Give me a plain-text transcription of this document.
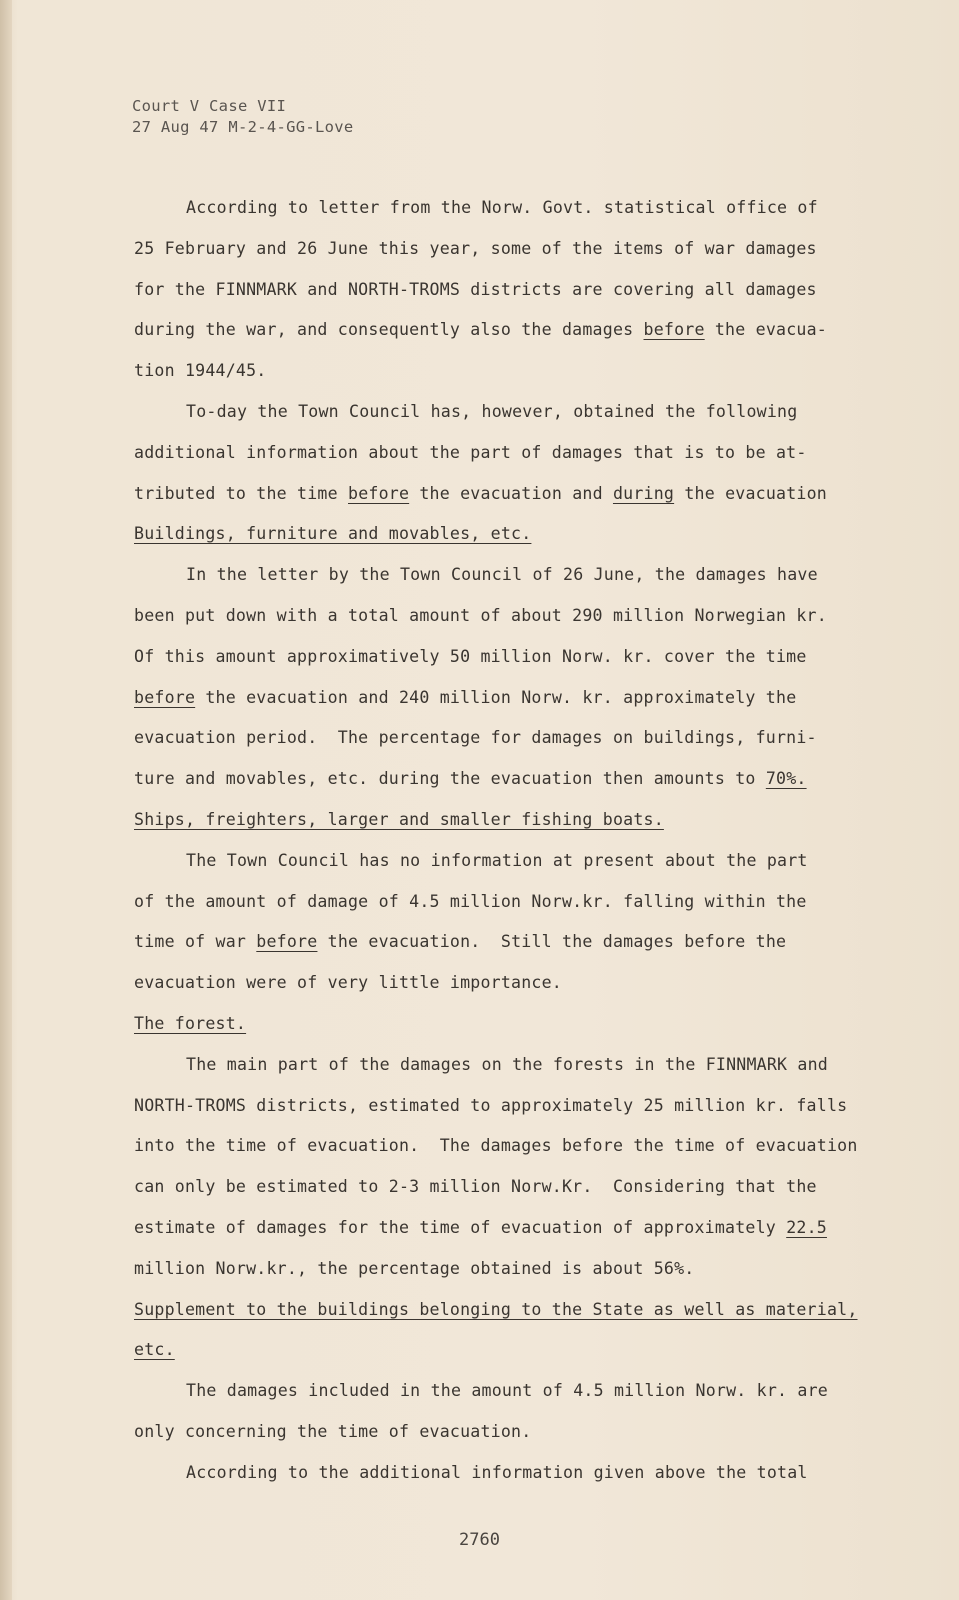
Court V Case VII
27 Aug 47 M-2-4-GG-Love
According to letter from the Norw. Govt. statistical office of
25 February and 26 June this year, some of the items of war damages
for the FINNMARK and NORTH-TROMS districts are covering all damages
during the war, and consequently also the damages before the evacua-
tion 1944/45.
To-day the Town Council has, however, obtained the following
additional information about the part of damages that is to be at-
tributed to the time before the evacuation and during the evacuation
Buildings, furniture and movables, etc.
In the letter by the Town Council of 26 June, the damages have
been put down with a total amount of about 290 million Norwegian kr.
Of this amount approximatively 50 million Norw. kr. cover the time
before the evacuation and 240 million Norw. kr. approximately the
evacuation period.  The percentage for damages on buildings, furni-
ture and movables, etc. during the evacuation then amounts to 70%.
Ships, freighters, larger and smaller fishing boats.
The Town Council has no information at present about the part
of the amount of damage of 4.5 million Norw.kr. falling within the
time of war before the evacuation.  Still the damages before the
evacuation were of very little importance.
The forest.
The main part of the damages on the forests in the FINNMARK and
NORTH-TROMS districts, estimated to approximately 25 million kr. falls
into the time of evacuation.  The damages before the time of evacuation
can only be estimated to 2-3 million Norw.Kr.  Considering that the
estimate of damages for the time of evacuation of approximately 22.5
million Norw.kr., the percentage obtained is about 56%.
Supplement to the buildings belonging to the State as well as material,
etc.
The damages included in the amount of 4.5 million Norw. kr. are
only concerning the time of evacuation.
According to the additional information given above the total
2760
